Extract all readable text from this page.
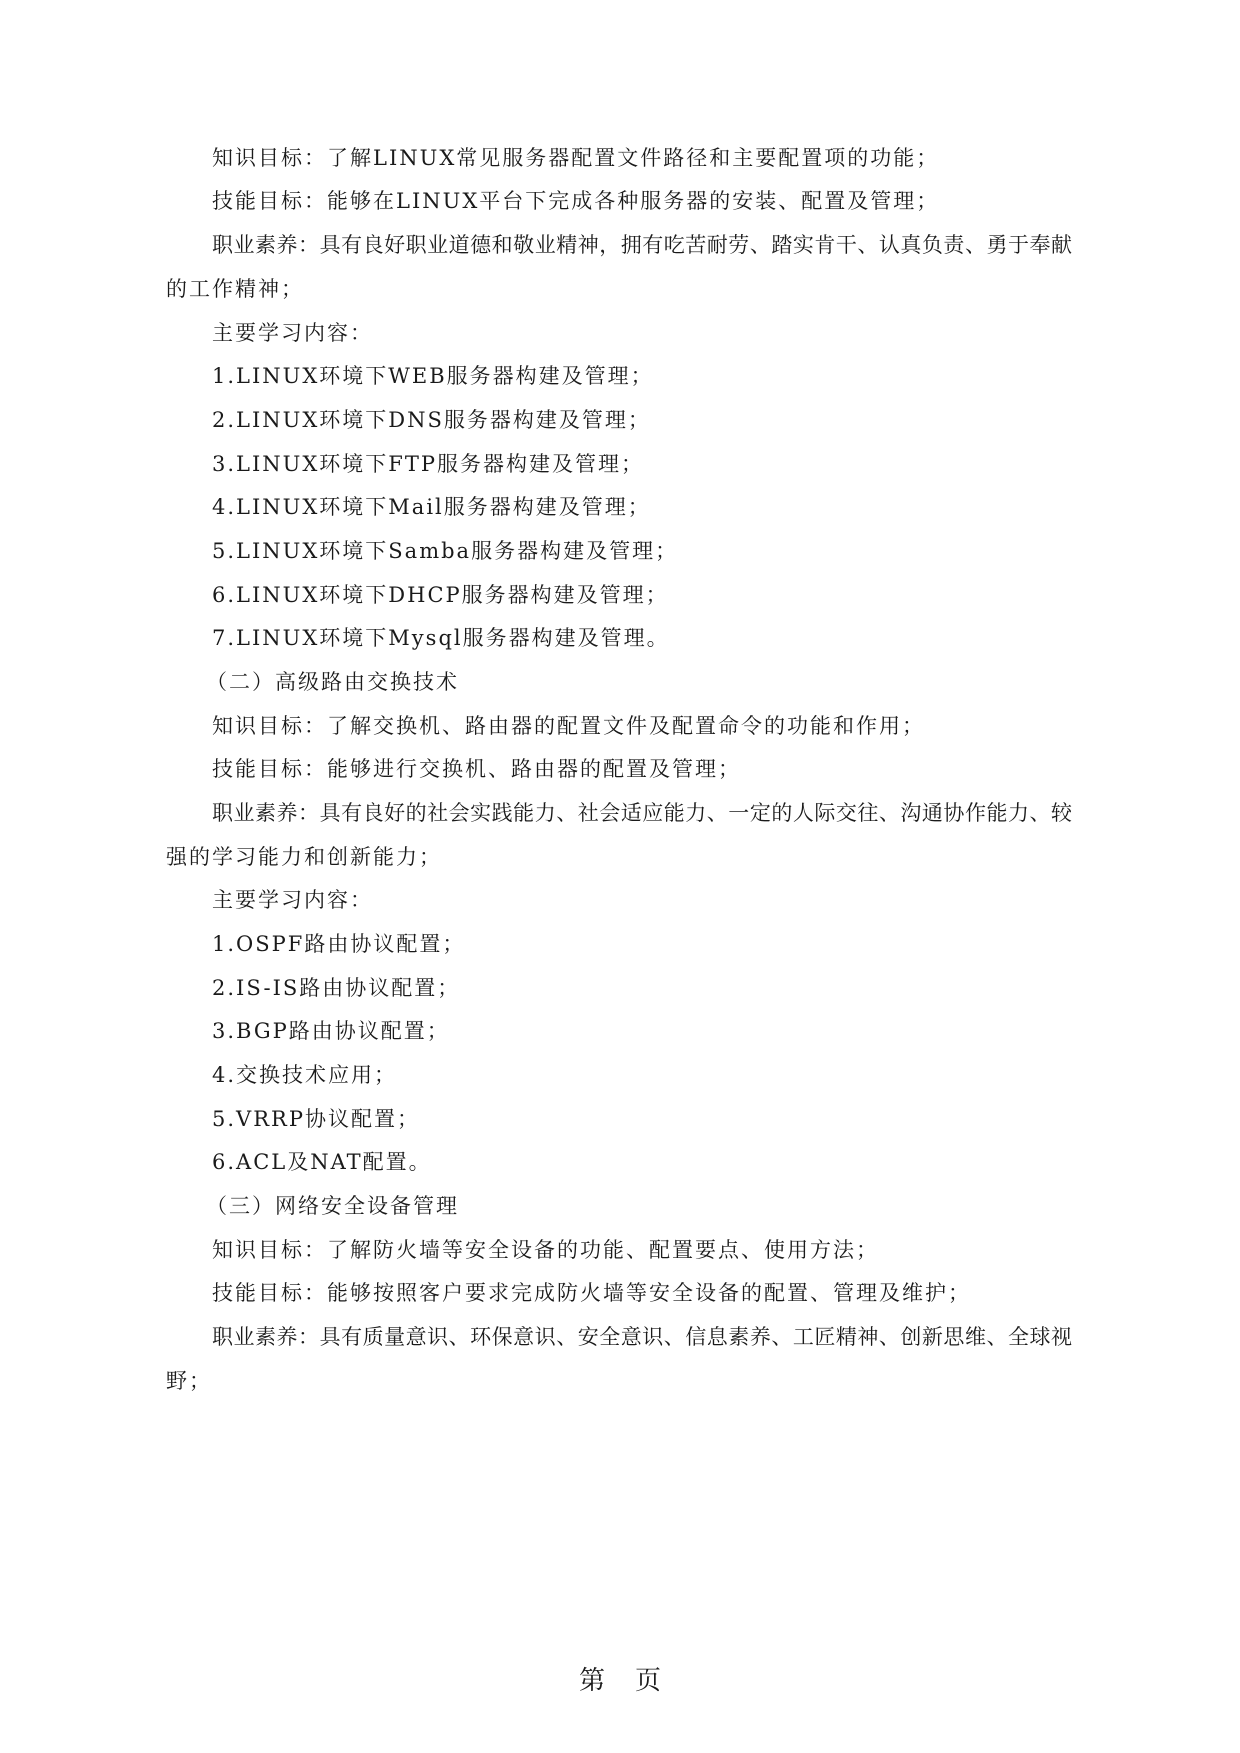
知识目标：了解LINUX常见服务器配置文件路径和主要配置项的功能；
技能目标：能够在LINUX平台下完成各种服务器的安装、配置及管理；
职业素养：具有良好职业道德和敬业精神，拥有吃苦耐劳、踏实肯干、认真负责、勇于奉献
的工作精神；
主要学习内容：
1.LINUX环境下WEB服务器构建及管理；
2.LINUX环境下DNS服务器构建及管理；
3.LINUX环境下FTP服务器构建及管理；
4.LINUX环境下Mail服务器构建及管理；
5.LINUX环境下Samba服务器构建及管理；
6.LINUX环境下DHCP服务器构建及管理；
7.LINUX环境下Mysql服务器构建及管理。
（二）高级路由交换技术
知识目标：了解交换机、路由器的配置文件及配置命令的功能和作用；
技能目标：能够进行交换机、路由器的配置及管理；
职业素养：具有良好的社会实践能力、社会适应能力、一定的人际交往、沟通协作能力、较
强的学习能力和创新能力；
主要学习内容：
1.OSPF路由协议配置；
2.IS-IS路由协议配置；
3.BGP路由协议配置；
4.交换技术应用；
5.VRRP协议配置；
6.ACL及NAT配置。
（三）网络安全设备管理
知识目标：了解防火墙等安全设备的功能、配置要点、使用方法；
技能目标：能够按照客户要求完成防火墙等安全设备的配置、管理及维护；
职业素养：具有质量意识、环保意识、安全意识、信息素养、工匠精神、创新思维、全球视
野；
第 页
